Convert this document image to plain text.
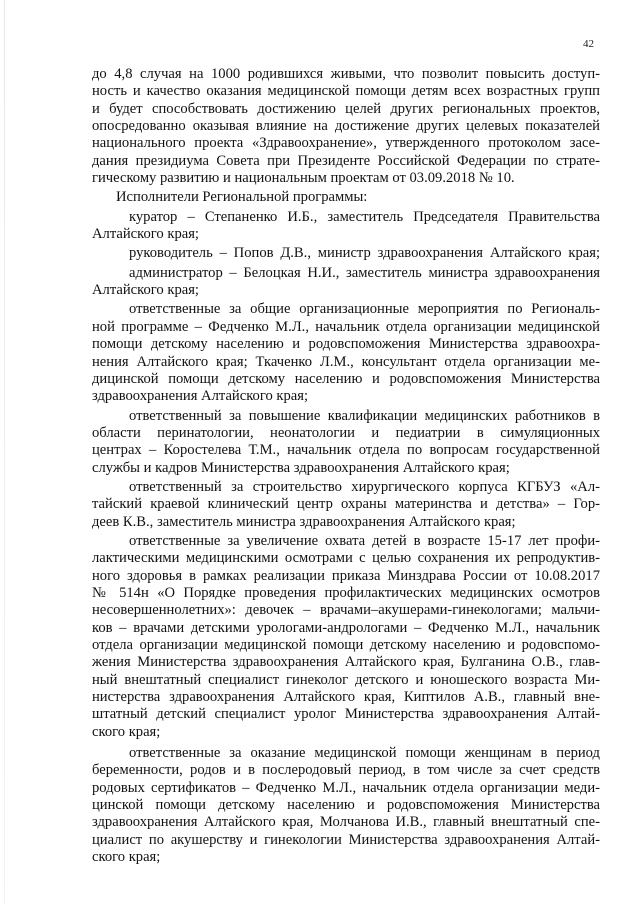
42
до 4,8 случая на 1000 родившихся живыми, что позволит повысить доступ-
ность и качество оказания медицинской помощи детям всех возрастных групп
и будет способствовать достижению целей других региональных проектов,
опосредованно оказывая влияние на достижение других целевых показателей
национального проекта «Здравоохранение», утвержденного протоколом засе-
дания президиума Совета при Президенте Российской Федерации по страте-
гическому развитию и национальным проектам от 03.09.2018 № 10.
Исполнители Региональной программы:
куратор – Степаненко И.Б., заместитель Председателя Правительства
Алтайского края;
руководитель – Попов Д.В., министр здравоохранения Алтайского края;
администратор – Белоцкая Н.И., заместитель министра здравоохранения
Алтайского края;
ответственные за общие организационные мероприятия по Региональ-
ной программе – Федченко М.Л., начальник отдела организации медицинской
помощи детскому населению и родовспоможения Министерства здравоохра-
нения Алтайского края; Ткаченко Л.М., консультант отдела организации ме-
дицинской помощи детскому населению и родовспоможения Министерства
здравоохранения Алтайского края;
ответственный за повышение квалификации медицинских работников в
области перинатологии, неонатологии и педиатрии в симуляционных
центрах – Коростелева Т.М., начальник отдела по вопросам государственной
службы и кадров Министерства здравоохранения Алтайского края;
ответственный за строительство хирургического корпуса КГБУЗ «Ал-
тайский краевой клинический центр охраны материнства и детства» – Гор-
деев К.В., заместитель министра здравоохранения Алтайского края;
ответственные за увеличение охвата детей в возрасте 15-17 лет профи-
лактическими медицинскими осмотрами с целью сохранения их репродуктив-
ного здоровья в рамках реализации приказа Минздрава России от 10.08.2017
№ 514н «О Порядке проведения профилактических медицинских осмотров
несовершеннолетних»: девочек – врачами–акушерами-гинекологами; мальчи-
ков – врачами детскими урологами-андрологами – Федченко М.Л., начальник
отдела организации медицинской помощи детскому населению и родовспомо-
жения Министерства здравоохранения Алтайского края, Булганина О.В., глав-
ный внештатный специалист гинеколог детского и юношеского возраста Ми-
нистерства здравоохранения Алтайского края, Киптилов А.В., главный вне-
штатный детский специалист уролог Министерства здравоохранения Алтай-
ского края;
ответственные за оказание медицинской помощи женщинам в период
беременности, родов и в послеродовый период, в том числе за счет средств
родовых сертификатов – Федченко М.Л., начальник отдела организации меди-
цинской помощи детскому населению и родовспоможения Министерства
здравоохранения Алтайского края, Молчанова И.В., главный внештатный спе-
циалист по акушерству и гинекологии Министерства здравоохранения Алтай-
ского края;
